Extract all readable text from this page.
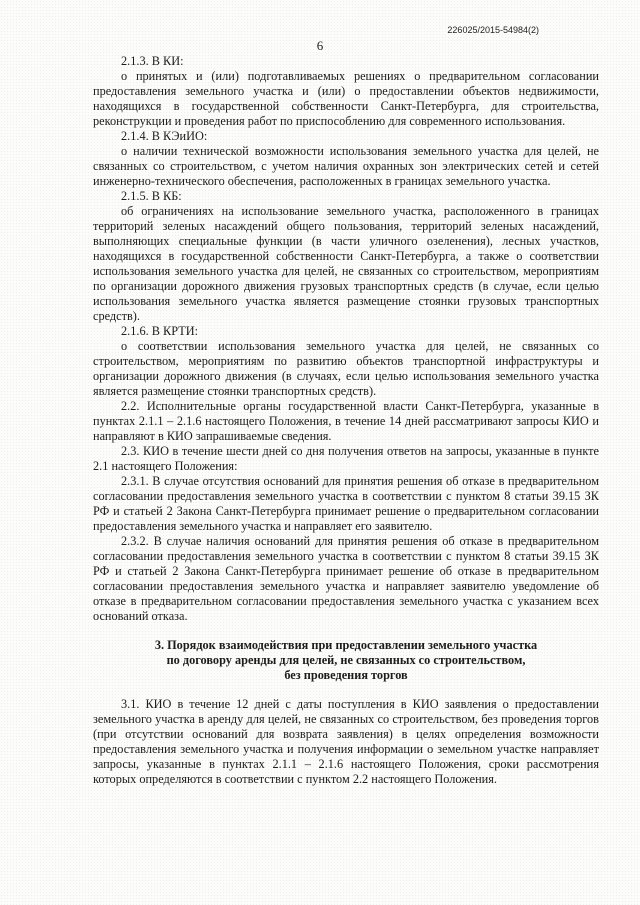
226025/2015-54984(2)
6
2.1.3. В КИ:

о принятых и (или) подготавливаемых решениях о предварительном согласовании предоставления земельного участка и (или) о предоставлении объектов недвижимости, находящихся в государственной собственности Санкт-Петербурга, для строительства, реконструкции и проведения работ по приспособлению для современного использования.

2.1.4. В КЭиИО:

о наличии технической возможности использования земельного участка для целей, не связанных со строительством, с учетом наличия охранных зон электрических сетей и сетей инженерно-технического обеспечения, расположенных в границах земельного участка.

2.1.5. В КБ:

об ограничениях на использование земельного участка, расположенного в границах территорий зеленых насаждений общего пользования, территорий зеленых насаждений, выполняющих специальные функции (в части уличного озеленения), лесных участков, находящихся в государственной собственности Санкт-Петербурга, а также о соответствии использования земельного участка для целей, не связанных со строительством, мероприятиям по организации дорожного движения грузовых транспортных средств (в случае, если целью использования земельного участка является размещение стоянки грузовых транспортных средств).

2.1.6. В КРТИ:

о соответствии использования земельного участка для целей, не связанных со строительством, мероприятиям по развитию объектов транспортной инфраструктуры и организации дорожного движения (в случаях, если целью использования земельного участка является размещение стоянки транспортных средств).

2.2. Исполнительные органы государственной власти Санкт-Петербурга, указанные в пунктах 2.1.1 – 2.1.6 настоящего Положения, в течение 14 дней рассматривают запросы КИО и направляют в КИО запрашиваемые сведения.

2.3. КИО в течение шести дней со дня получения ответов на запросы, указанные в пункте 2.1 настоящего Положения:

2.3.1. В случае отсутствия оснований для принятия решения об отказе в предварительном согласовании предоставления земельного участка в соответствии с пунктом 8 статьи 39.15 ЗК РФ и статьей 2 Закона Санкт-Петербурга принимает решение о предварительном согласовании предоставления земельного участка и направляет его заявителю.

2.3.2. В случае наличия оснований для принятия решения об отказе в предварительном согласовании предоставления земельного участка в соответствии с пунктом 8 статьи 39.15 ЗК РФ и статьей 2 Закона Санкт-Петербурга принимает решение об отказе в предварительном согласовании предоставления земельного участка и направляет заявителю уведомление об отказе в предварительном согласовании предоставления земельного участка с указанием всех оснований отказа.

3. Порядок взаимодействия при предоставлении земельного участка
по договору аренды для целей, не связанных со строительством,
без проведения торгов

3.1. КИО в течение 12 дней с даты поступления в КИО заявления о предоставлении земельного участка в аренду для целей, не связанных со строительством, без проведения торгов (при отсутствии оснований для возврата заявления) в целях определения возможности предоставления земельного участка и получения информации о земельном участке направляет запросы, указанные в пунктах 2.1.1 – 2.1.6 настоящего Положения, сроки рассмотрения которых определяются в соответствии с пунктом 2.2 настоящего Положения.
